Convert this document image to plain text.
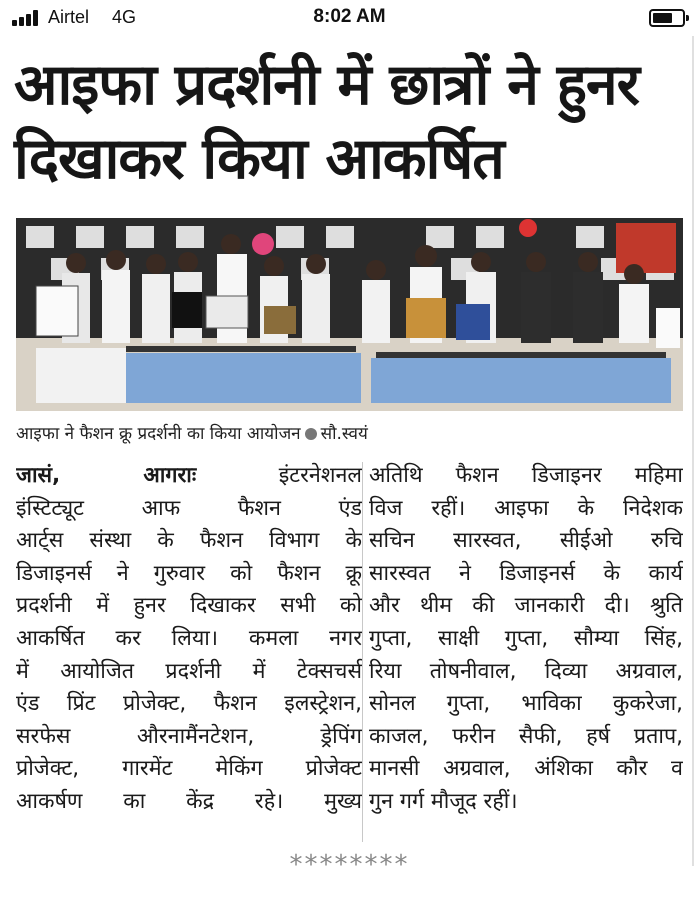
Airtel 4G	8:02 AM
आइफा प्रदर्शनी में छात्रों ने हुनर
दिखाकर किया आकर्षित
आइफा ने फैशन क्रू प्रदर्शनी का किया आयोजन सौ.स्वयं
जासं, आगराः	इंटरनेशनल
इंस्टिट्यूट आफ फैशन एंड
आर्ट्स संस्था के फैशन विभाग के
डिजाइनर्स ने गुरुवार को फैशन क्रू
प्रदर्शनी में हुनर दिखाकर सभी को
आकर्षित कर लिया। कमला नगर
में आयोजित प्रदर्शनी में टेक्सचर्स
एंड प्रिंट प्रोजेक्ट, फैशन इलस्ट्रेशन,
सरफेस औरनामैंनटेशन, ड्रेपिंग
प्रोजेक्ट, गारमेंट मेकिंग प्रोजेक्ट
आकर्षण का केंद्र रहे। मुख्य
अतिथि फैशन डिजाइनर महिमा
विज रहीं। आइफा के निदेशक
सचिन सारस्वत, सीईओ रुचि
सारस्वत ने डिजाइनर्स के कार्य
और थीम की जानकारी दी। श्रुति
गुप्ता, साक्षी गुप्ता, सौम्या सिंह,
रिया तोषनीवाल, दिव्या अग्रवाल,
सोनल गुप्ता, भाविका कुकरेजा,
काजल, फरीन सैफी, हर्ष प्रताप,
मानसी अग्रवाल, अंशिका कौर व
गुन गर्ग मौजूद रहीं।
********
